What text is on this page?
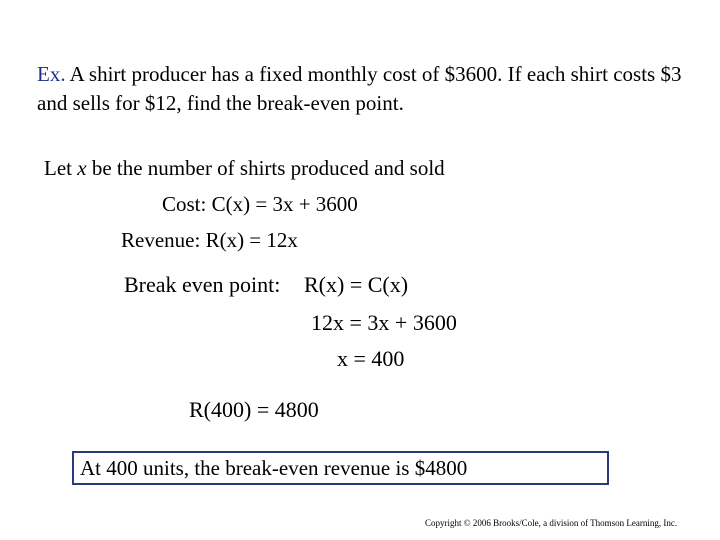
Ex. A shirt producer has a fixed monthly cost of $3600. If each shirt costs $3 and sells for $12, find the break-even point.
Let x be the number of shirts produced and sold
Cost: C(x) = 3x + 3600
Revenue: R(x) = 12x
Break even point: R(x) = C(x)
12x = 3x + 3600
x = 400
R(400) = 4800
At 400 units, the break-even revenue is $4800
Copyright © 2006 Brooks/Cole, a division of Thomson Learning, Inc.
